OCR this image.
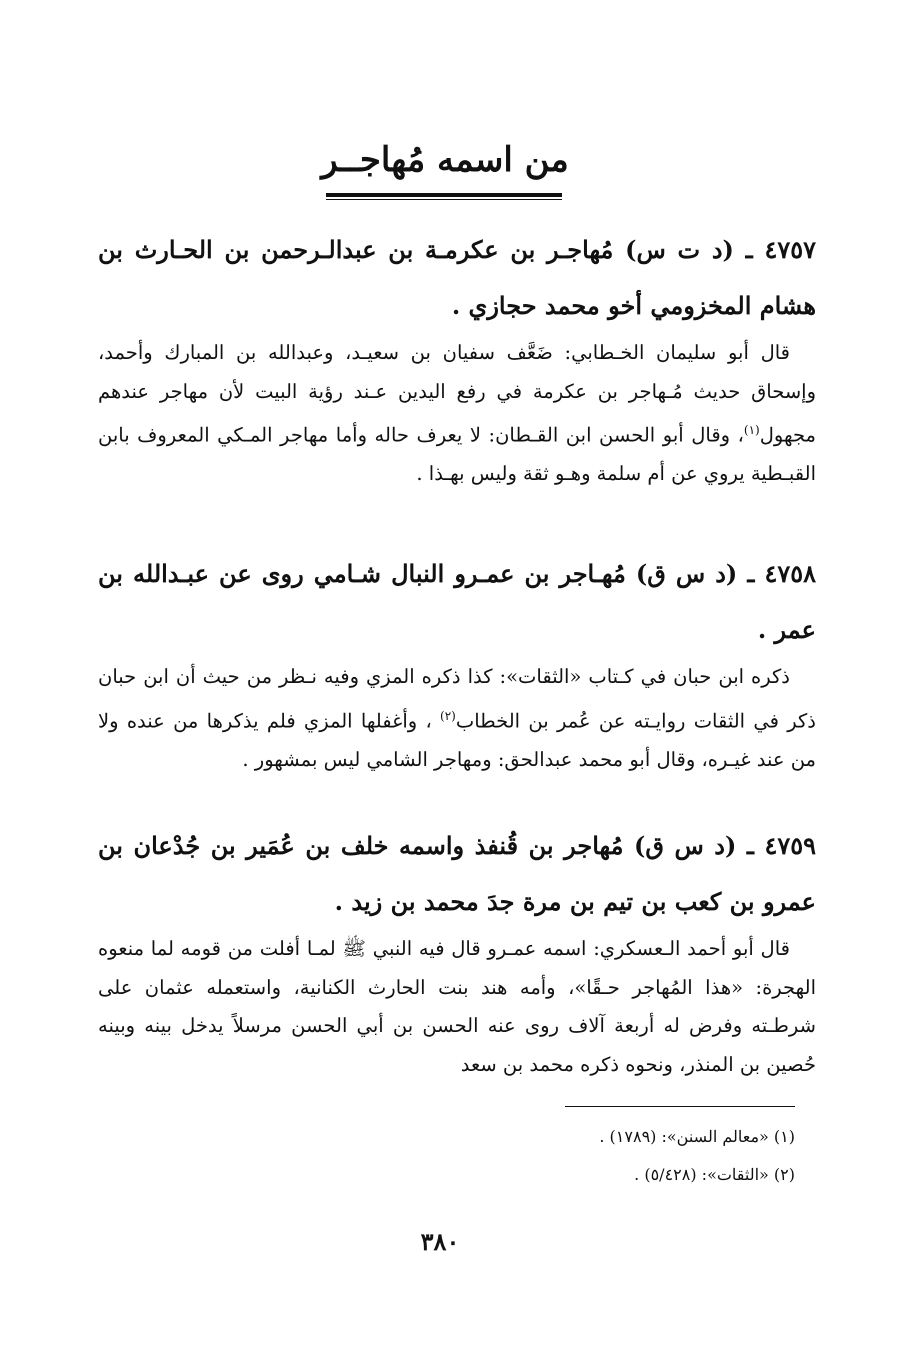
من اسمه مُهاجــر

٤٧٥٧ ـ (د ت س) مُهاجـر بن عكرمـة بن عبدالـرحمن بن الحـارث بن هشام المخزومي أخو محمد حجازي .

قال أبو سليمان الخـطابي: ضَعَّف سفيان بن سعيـد، وعبدالله بن المبارك وأحمد، وإسحاق حديث مُـهاجر بن عكرمة في رفع اليدين عـند رؤية البيت لأن مهاجر عندهم مجهول$^{(١)}$، وقال أبو الحسن ابن القـطان: لا يعرف حاله وأما مهاجر المـكي المعروف بابن القبـطية يروي عن أم سلمة وهـو ثقة وليس بهـذا .

٤٧٥٨ ـ (د س ق) مُهـاجر بن عمـرو النبال شـامي روى عن عبـدالله بن عمر .

ذكره ابن حبان في كـتاب «الثقات»: كذا ذكره المزي وفيه نـظر من حيث أن ابن حبان ذكر في الثقات روايـته عن عُمر بن الخطاب$^{(٢)}$ ، وأغفلها المزي فلم يذكرها من عنده ولا من عند غيـره، وقال أبو محمد عبدالحق: ومهاجر الشامي ليس بمشهور .

٤٧٥٩ ـ (د س ق) مُهاجر بن قُنفذ واسمه خلف بن عُمَير بن جُدْعان بن عمرو بن كعب بن تيم بن مرة جدَ محمد بن زيد .

قال أبو أحمد الـعسكري: اسمه عمـرو قال فيه النبي ﷺ لمـا أفلت من قومه لما منعوه الهجرة: «هذا المُهاجر حـقًا»، وأمه هند بنت الحارث الكنانية، واستعمله عثمان على شرطـته وفرض له أربعة آلاف روى عنه الحسن بن أبي الحسن مرسلاً يدخل بينه وبينه حُصين بن المنذر، ونحوه ذكره محمد بن سعد

(١) «معالم السنن»: (١٧٨٩) .

(٢) «الثقات»: (٥/٤٢٨) .

٣٨٠
